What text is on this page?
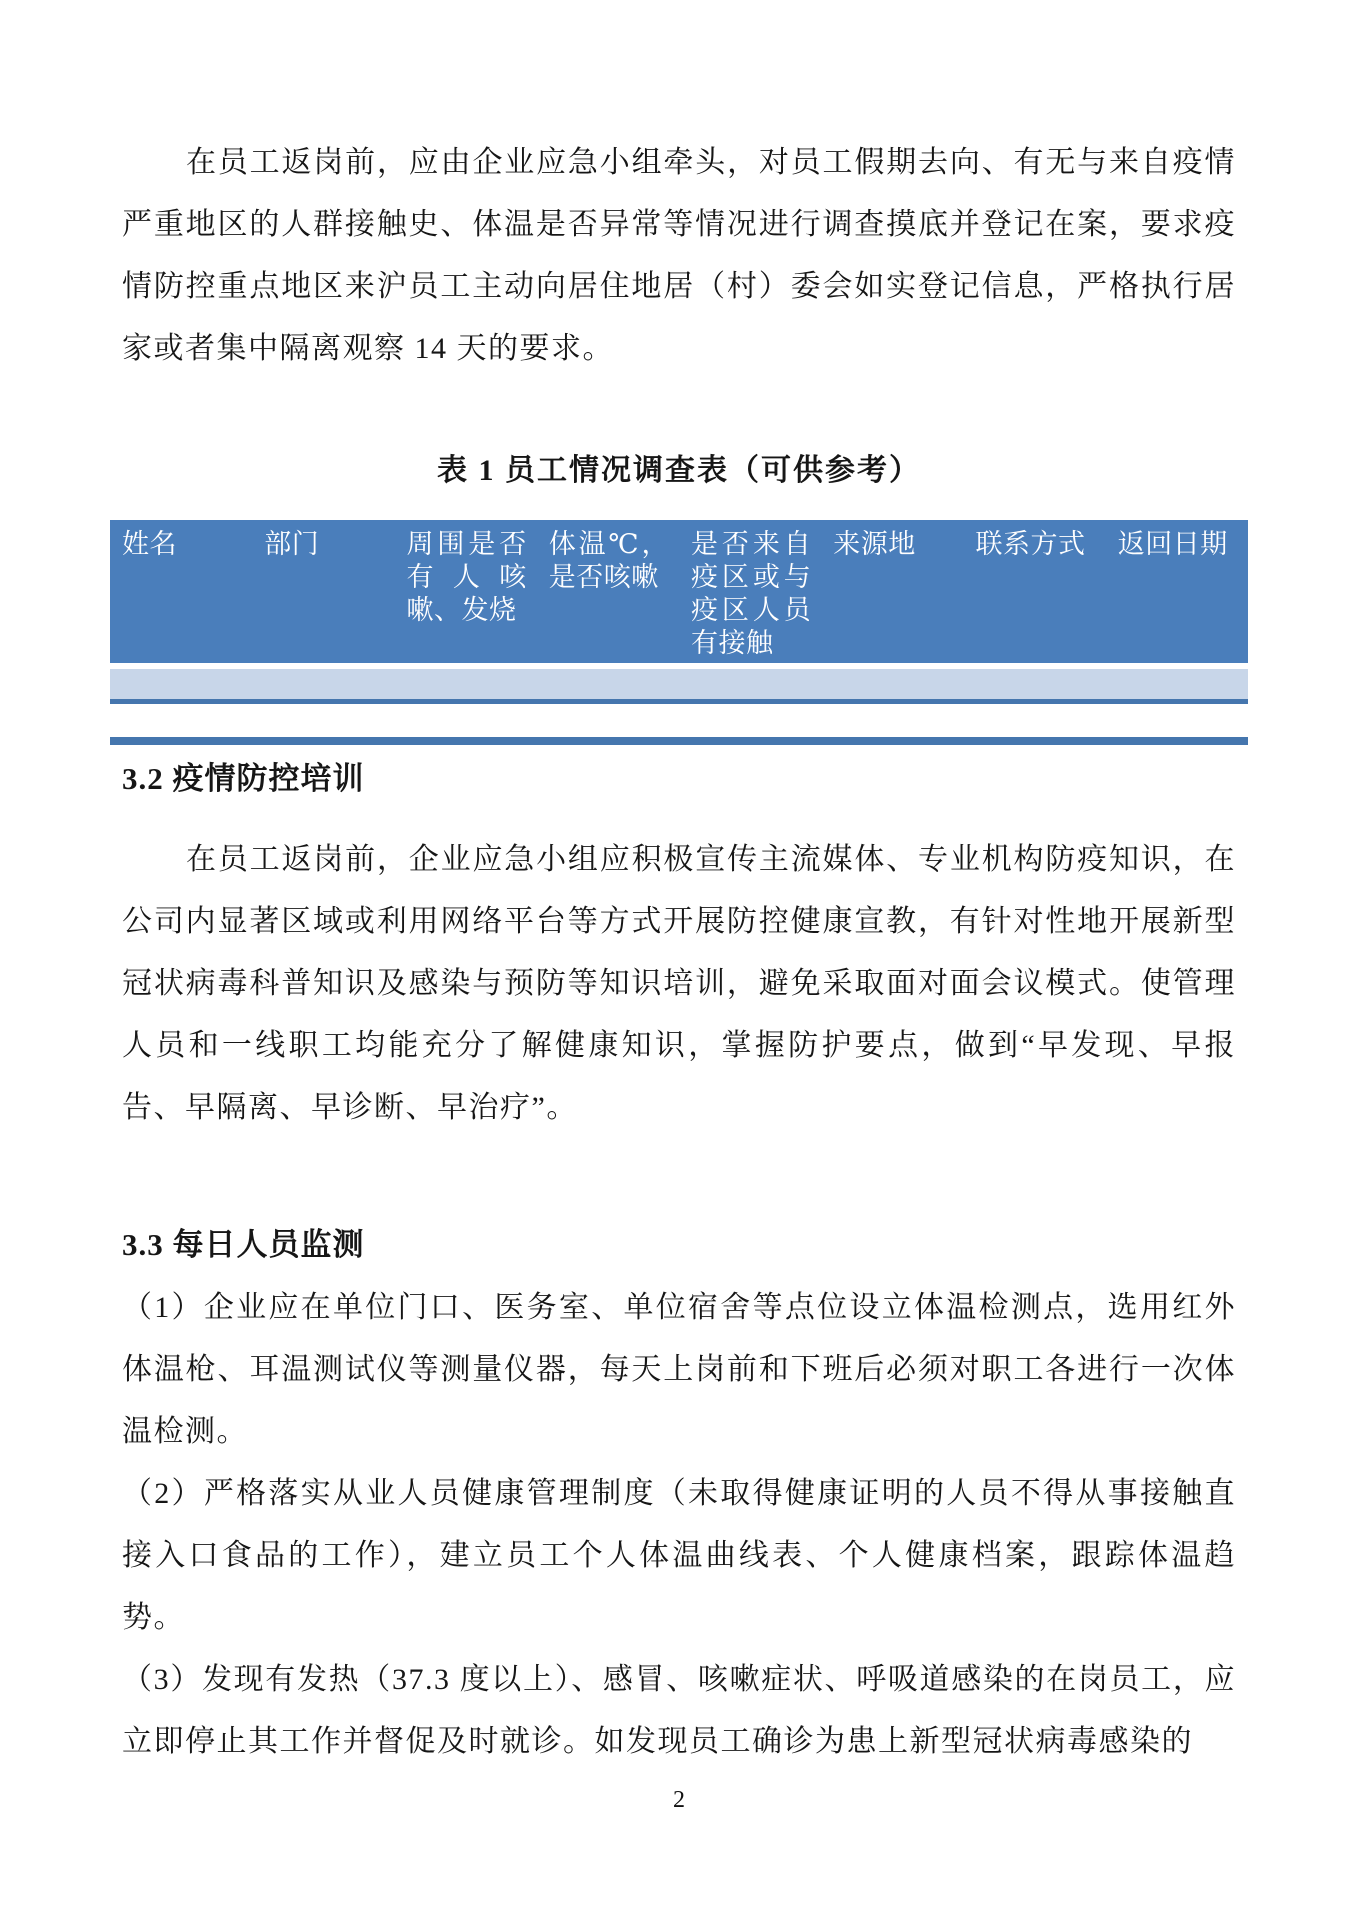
在员工返岗前，应由企业应急小组牵头，对员工假期去向、有无与来自疫情严重地区的人群接触史、体温是否异常等情况进行调查摸底并登记在案，要求疫情防控重点地区来沪员工主动向居住地居（村）委会如实登记信息，严格执行居家或者集中隔离观察 14 天的要求。

表 1 员工情况调查表（可供参考）
姓名	部门	周围是否有人咳嗽、发烧	体温℃，是否咳嗽	是否来自疫区或与疫区人员有接触	来源地	联系方式	返回日期

3.2 疫情防控培训

在员工返岗前，企业应急小组应积极宣传主流媒体、专业机构防疫知识，在公司内显著区域或利用网络平台等方式开展防控健康宣教，有针对性地开展新型冠状病毒科普知识及感染与预防等知识培训，避免采取面对面会议模式。使管理人员和一线职工均能充分了解健康知识，掌握防护要点，做到“早发现、早报告、早隔离、早诊断、早治疗”。

3.3 每日人员监测

（1）企业应在单位门口、医务室、单位宿舍等点位设立体温检测点，选用红外体温枪、耳温测试仪等测量仪器，每天上岗前和下班后必须对职工各进行一次体温检测。

（2）严格落实从业人员健康管理制度（未取得健康证明的人员不得从事接触直接入口食品的工作），建立员工个人体温曲线表、个人健康档案，跟踪体温趋势。

（3）发现有发热（37.3 度以上）、感冒、咳嗽症状、呼吸道感染的在岗员工，应立即停止其工作并督促及时就诊。如发现员工确诊为患上新型冠状病毒感染的

2
